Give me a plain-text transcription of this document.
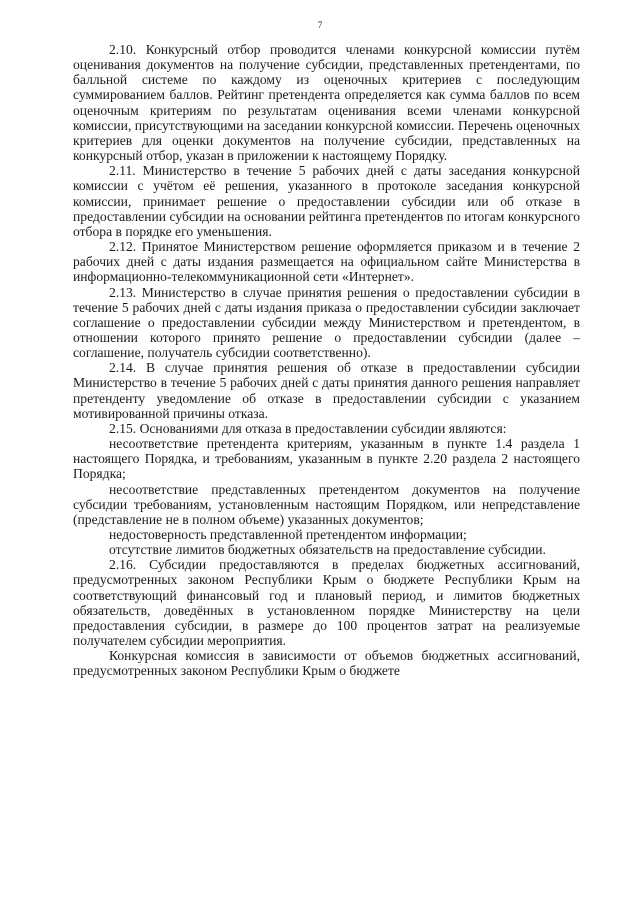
7

2.10. Конкурсный отбор проводится членами конкурсной комиссии путём оценивания документов на получение субсидии, представленных претендентами, по балльной системе по каждому из оценочных критериев с последующим суммированием баллов. Рейтинг претендента определяется как сумма баллов по всем оценочным критериям по результатам оценивания всеми членами конкурсной комиссии, присутствующими на заседании конкурсной комиссии. Перечень оценочных критериев для оценки документов на получение субсидии, представленных на конкурсный отбор, указан в приложении к настоящему Порядку.

2.11. Министерство в течение 5 рабочих дней с даты заседания конкурсной комиссии с учётом её решения, указанного в протоколе заседания конкурсной комиссии, принимает решение о предоставлении субсидии или об отказе в предоставлении субсидии на основании рейтинга претендентов по итогам конкурсного отбора в порядке его уменьшения.

2.12. Принятое Министерством решение оформляется приказом и в течение 2 рабочих дней с даты издания размещается на официальном сайте Министерства в информационно-телекоммуникационной сети «Интернет».

2.13. Министерство в случае принятия решения о предоставлении субсидии в течение 5 рабочих дней с даты издания приказа о предоставлении субсидии заключает соглашение о предоставлении субсидии между Министерством и претендентом, в отношении которого принято решение о предоставлении субсидии (далее – соглашение, получатель субсидии соответственно).

2.14. В случае принятия решения об отказе в предоставлении субсидии Министерство в течение 5 рабочих дней с даты принятия данного решения направляет претенденту уведомление об отказе в предоставлении субсидии с указанием мотивированной причины отказа.

2.15. Основаниями для отказа в предоставлении субсидии являются:

несоответствие претендента критериям, указанным в пункте 1.4 раздела 1 настоящего Порядка, и требованиям, указанным в пункте 2.20 раздела 2 настоящего Порядка;

несоответствие представленных претендентом документов на получение субсидии требованиям, установленным настоящим Порядком, или непредставление (представление не в полном объеме) указанных документов;

недостоверность представленной претендентом информации;

отсутствие лимитов бюджетных обязательств на предоставление субсидии.

2.16. Субсидии предоставляются в пределах бюджетных ассигнований, предусмотренных законом Республики Крым о бюджете Республики Крым на соответствующий финансовый год и плановый период, и лимитов бюджетных обязательств, доведённых в установленном порядке Министерству на цели предоставления субсидии, в размере до 100 процентов затрат на реализуемые получателем субсидии мероприятия.

Конкурсная комиссия в зависимости от объемов бюджетных ассигнований, предусмотренных законом Республики Крым о бюджете
